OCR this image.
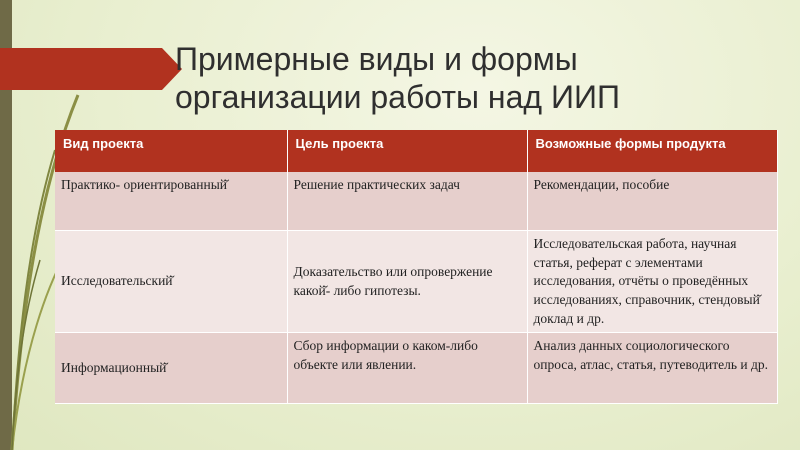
Примерные виды и формы
организации работы над ИИП
Вид проекта	Цель проекта	Возможные формы продукта
Практико- ориентированный̆	Решение практических задач	Рекомендации, пособие
Исследовательский̆	Доказательство или опровержение какой̆- либо гипотезы.	Исследовательская работа, научная статья, реферат с элементами исследования, отчёты о проведённых исследованиях, справочник, стендовый̆ доклад и др.
Информационный̆	Сбор информации о каком-либо объекте или явлении.	Анализ данных социологического опроса, атлас, статья, путеводитель и др.
